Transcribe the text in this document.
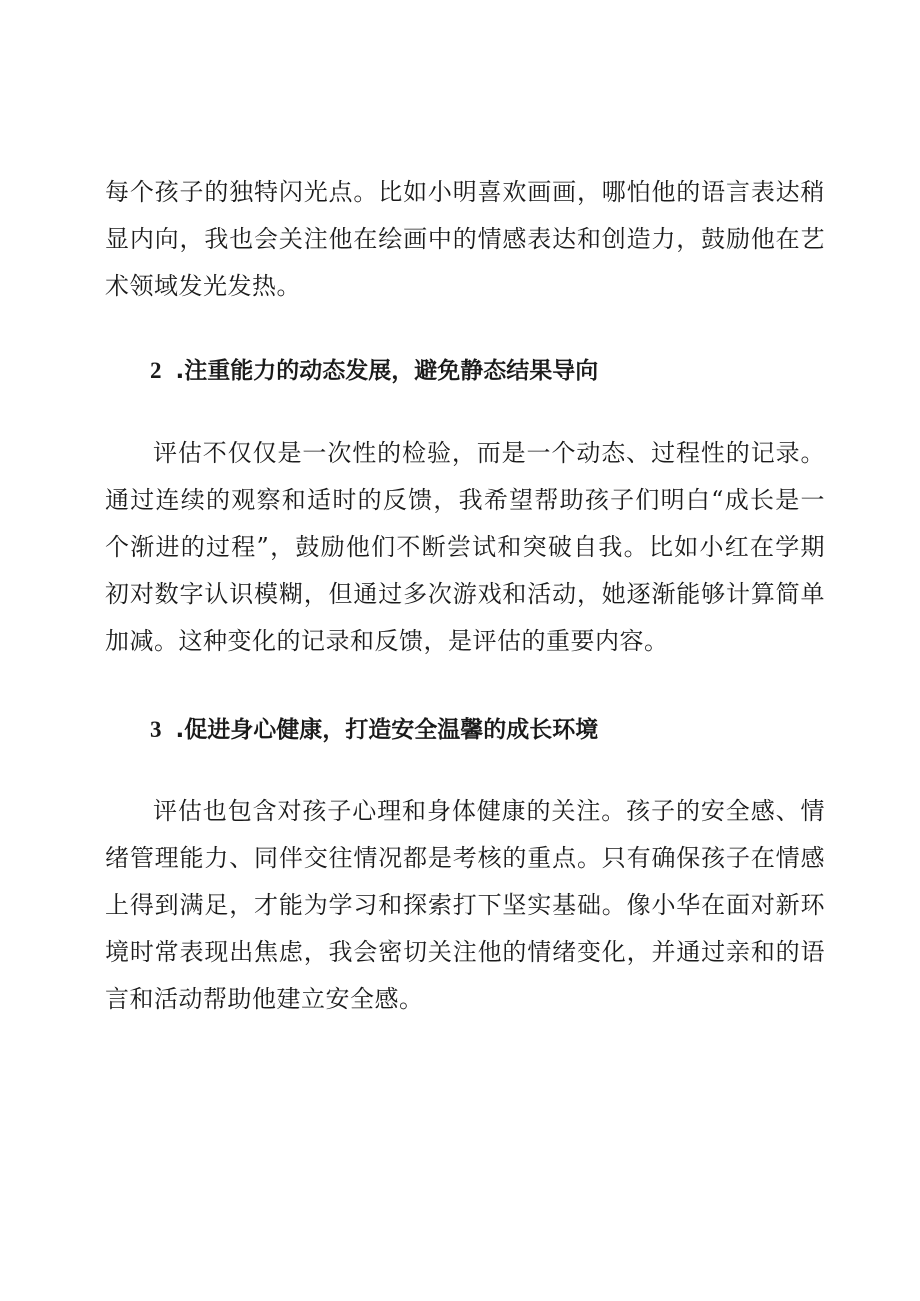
每个孩子的独特闪光点。比如小明喜欢画画，哪怕他的语言表达稍显内向，我也会关注他在绘画中的情感表达和创造力，鼓励他在艺术领域发光发热。

2 .注重能力的动态发展，避免静态结果导向

评估不仅仅是一次性的检验，而是一个动态、过程性的记录。通过连续的观察和适时的反馈，我希望帮助孩子们明白“成长是一个渐进的过程”，鼓励他们不断尝试和突破自我。比如小红在学期初对数字认识模糊，但通过多次游戏和活动，她逐渐能够计算简单加减。这种变化的记录和反馈，是评估的重要内容。

3 .促进身心健康，打造安全温馨的成长环境

评估也包含对孩子心理和身体健康的关注。孩子的安全感、情绪管理能力、同伴交往情况都是考核的重点。只有确保孩子在情感上得到满足，才能为学习和探索打下坚实基础。像小华在面对新环境时常表现出焦虑，我会密切关注他的情绪变化，并通过亲和的语言和活动帮助他建立安全感。
